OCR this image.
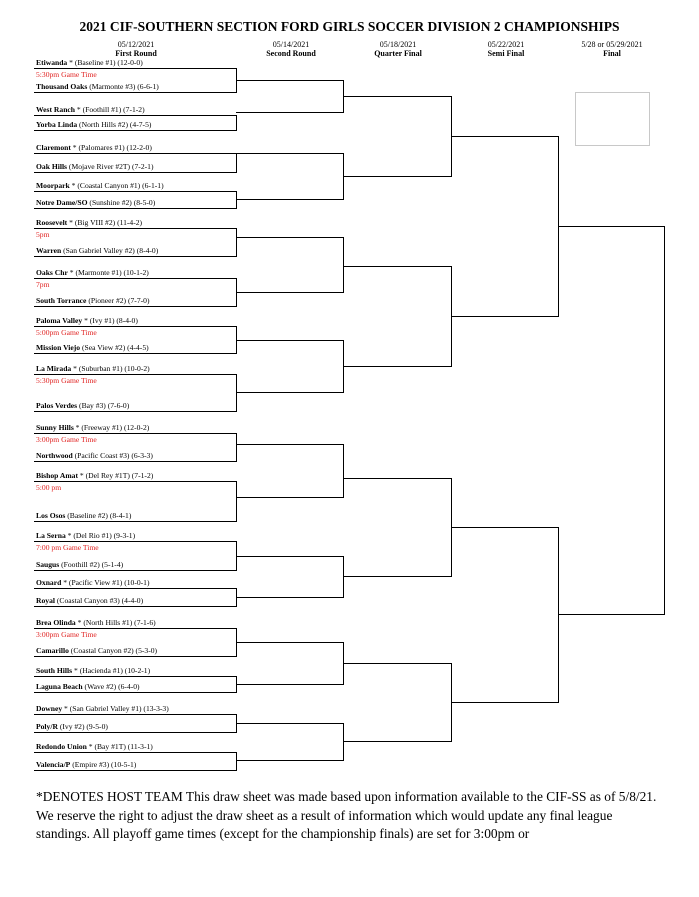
2021 CIF-SOUTHERN SECTION FORD GIRLS SOCCER DIVISION 2 CHAMPIONSHIPS
05/12/2021
First Round
05/14/2021
Second Round
05/18/2021
Quarter Final
05/22/2021
Semi Final
5/28 or 05/29/2021
Final
Etiwanda * (Baseline #1) (12-0-0)
Thousand Oaks (Marmonte #3) (6-6-1)
5:30pm Game Time
West Ranch * (Foothill #1) (7-1-2)
Yorba Linda (North Hills #2) (4-7-5)
Claremont * (Palomares #1) (12-2-0)
Oak Hills (Mojave River #2T) (7-2-1)
Moorpark * (Coastal Canyon #1) (6-1-1)
Notre Dame/SO (Sunshine #2) (8-5-0)
Roosevelt * (Big VIII #2) (11-4-2)
Warren (San Gabriel Valley #2) (8-4-0)
5pm
Oaks Chr * (Marmonte #1) (10-1-2)
South Torrance (Pioneer #2) (7-7-0)
7pm
Paloma Valley * (Ivy #1) (8-4-0)
Mission Viejo (Sea View #2) (4-4-5)
5:00pm Game Time
La Mirada * (Suburban #1) (10-0-2)
Palos Verdes (Bay #3) (7-6-0)
5:30pm Game Time
Sunny Hills * (Freeway #1) (12-0-2)
Northwood (Pacific Coast #3) (6-3-3)
3:00pm Game Time
Bishop Amat * (Del Rey #1T) (7-1-2)
Los Osos (Baseline #2) (8-4-1)
5:00 pm
La Serna * (Del Rio #1) (9-3-1)
Saugus (Foothill #2) (5-1-4)
7:00 pm Game Time
Oxnard * (Pacific View #1) (10-0-1)
Royal (Coastal Canyon #3) (4-4-0)
Brea Olinda * (North Hills #1) (7-1-6)
Camarillo (Coastal Canyon #2) (5-3-0)
3:00pm Game Time
South Hills * (Hacienda #1) (10-2-1)
Laguna Beach (Wave #2) (6-4-0)
Downey * (San Gabriel Valley #1) (13-3-3)
Poly/R (Ivy #2) (9-5-0)
Redondo Union * (Bay #1T) (11-3-1)
Valencia/P (Empire #3) (10-5-1)

*DENOTES HOST TEAM This draw sheet was made based upon information available to the CIF-SS as of 5/8/21. We reserve the right to adjust the draw sheet as a result of information which would update any final league standings. All playoff game times (except for the championship finals) are set for 3:00pm or
